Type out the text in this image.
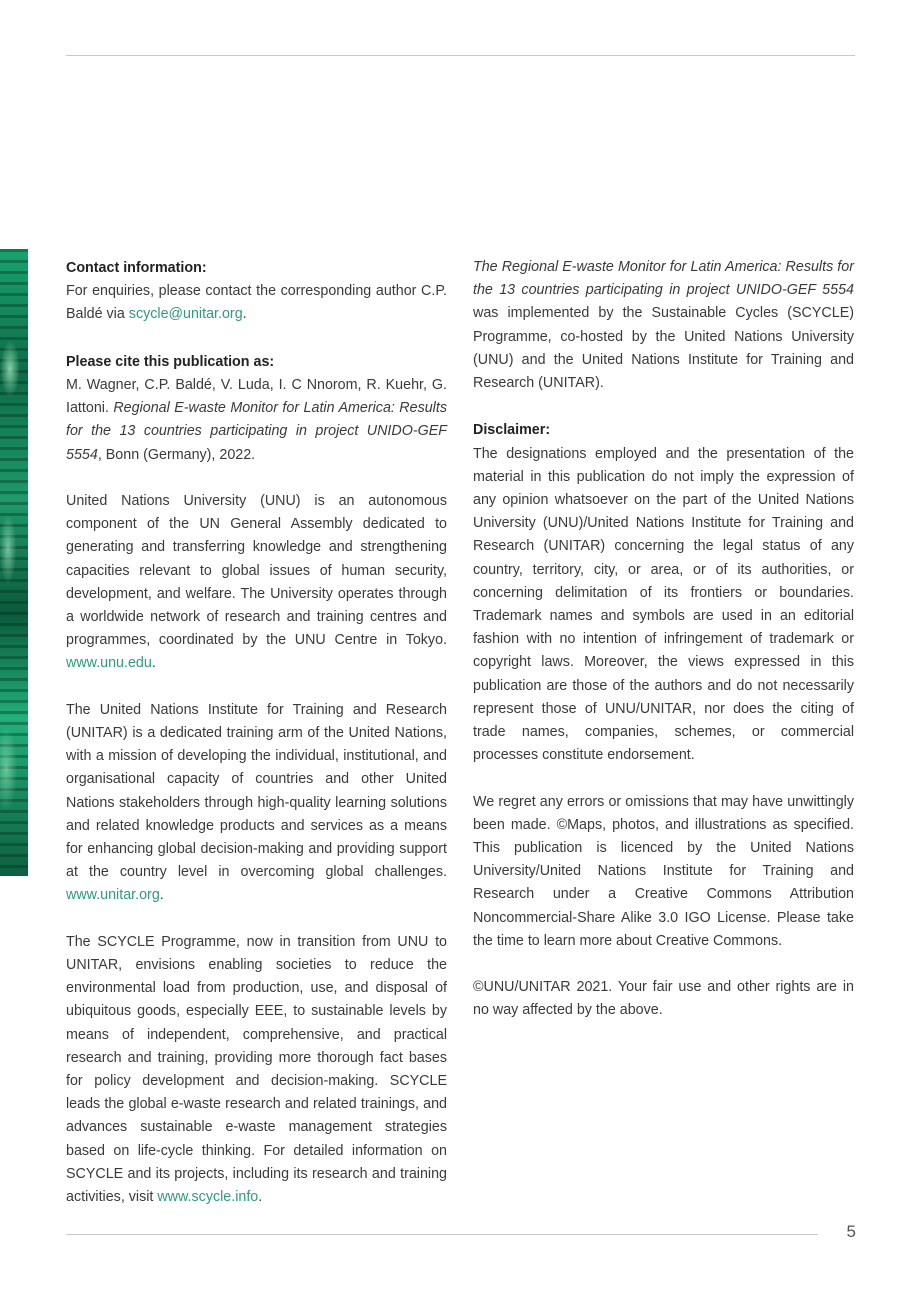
Contact information:

For enquiries, please contact the corresponding author C.P. Baldé via scycle@unitar.org.

Please cite this publication as:

M. Wagner, C.P. Baldé, V. Luda, I. C Nnorom, R. Kuehr, G. Iattoni. Regional E-waste Monitor for Latin America: Results for the 13 countries participating in project UNIDO-GEF 5554, Bonn (Germany), 2022.

United Nations University (UNU) is an autonomous component of the UN General Assembly dedicated to generating and transferring knowledge and strengthening capacities relevant to global issues of human security, development, and welfare. The University operates through a worldwide network of research and training centres and programmes, coordinated by the UNU Centre in Tokyo. www.unu.edu.

The United Nations Institute for Training and Research (UNITAR) is a dedicated training arm of the United Nations, with a mission of developing the individual, institutional, and organisational capacity of countries and other United Nations stakeholders through high-quality learning solutions and related knowledge products and services as a means for enhancing global decision-making and providing support at the country level in overcoming global challenges. www.unitar.org.

The SCYCLE Programme, now in transition from UNU to UNITAR, envisions enabling societies to reduce the environmental load from production, use, and disposal of ubiquitous goods, especially EEE, to sustainable levels by means of independent, comprehensive, and practical research and training, providing more thorough fact bases for policy development and decision-making. SCYCLE leads the global e-waste research and related trainings, and advances sustainable e-waste management strategies based on life-cycle thinking. For detailed information on SCYCLE and its projects, including its research and training activities, visit www.scycle.info.

The Regional E-waste Monitor for Latin America: Results for the 13 countries participating in project UNIDO-GEF 5554 was implemented by the Sustainable Cycles (SCYCLE) Programme, co-hosted by the United Nations University (UNU) and the United Nations Institute for Training and Research (UNITAR).

Disclaimer:

The designations employed and the presentation of the material in this publication do not imply the expression of any opinion whatsoever on the part of the United Nations University (UNU)/United Nations Institute for Training and Research (UNITAR) concerning the legal status of any country, territory, city, or area, or of its authorities, or concerning delimitation of its frontiers or boundaries. Trademark names and symbols are used in an editorial fashion with no intention of infringement of trademark or copyright laws. Moreover, the views expressed in this publication are those of the authors and do not necessarily represent those of UNU/UNITAR, nor does the citing of trade names, companies, schemes, or commercial processes constitute endorsement.

We regret any errors or omissions that may have unwittingly been made. ©Maps, photos, and illustrations as specified. This publication is licenced by the United Nations University/United Nations Institute for Training and Research under a Creative Commons Attribution Noncommercial-Share Alike 3.0 IGO License. Please take the time to learn more about Creative Commons.

©UNU/UNITAR 2021. Your fair use and other rights are in no way affected by the above.

5
